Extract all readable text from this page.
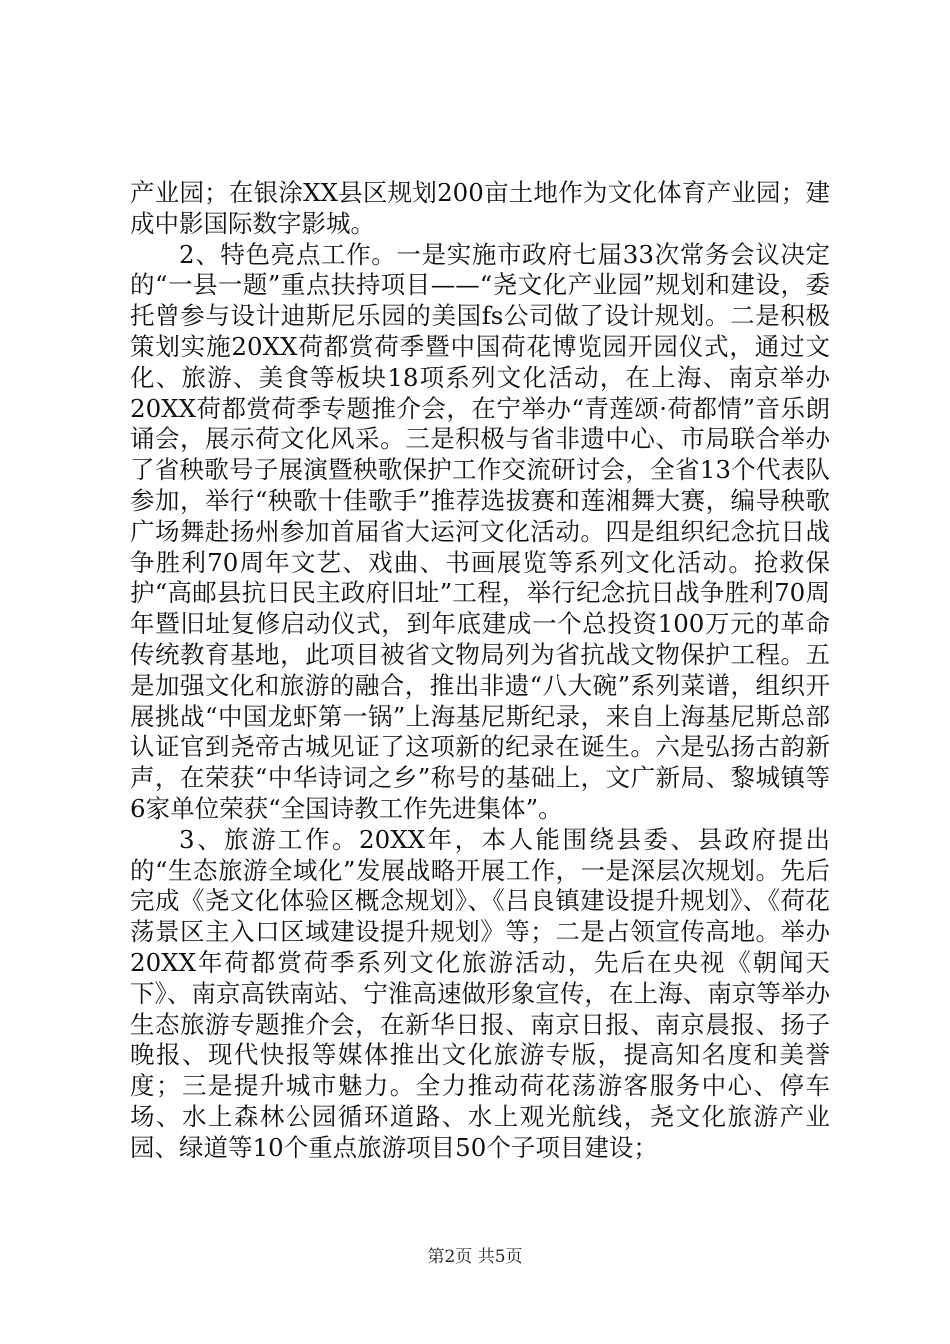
产业园；在银涂XX县区规划200亩土地作为文化体育产业园；建成中影国际数字影城。

2、特色亮点工作。一是实施市政府七届33次常务会议决定的“一县一题”重点扶持项目——“尧文化产业园”规划和建设，委托曾参与设计迪斯尼乐园的美国fs公司做了设计规划。二是积极策划实施20XX荷都赏荷季暨中国荷花博览园开园仪式，通过文化、旅游、美食等板块18项系列文化活动，在上海、南京举办20XX荷都赏荷季专题推介会，在宁举办“青莲颂·荷都情”音乐朗诵会，展示荷文化风采。三是积极与省非遗中心、市局联合举办了省秧歌号子展演暨秧歌保护工作交流研讨会，全省13个代表队参加，举行“秧歌十佳歌手”推荐选拔赛和莲湘舞大赛，编导秧歌广场舞赴扬州参加首届省大运河文化活动。四是组织纪念抗日战争胜利70周年文艺、戏曲、书画展览等系列文化活动。抢救保护“高邮县抗日民主政府旧址”工程，举行纪念抗日战争胜利70周年暨旧址复修启动仪式，到年底建成一个总投资100万元的革命传统教育基地，此项目被省文物局列为省抗战文物保护工程。五是加强文化和旅游的融合，推出非遗“八大碗”系列菜谱，组织开展挑战“中国龙虾第一锅”上海基尼斯纪录，来自上海基尼斯总部认证官到尧帝古城见证了这项新的纪录在诞生。六是弘扬古韵新声，在荣获“中华诗词之乡”称号的基础上，文广新局、黎城镇等6家单位荣获“全国诗教工作先进集体”。

3、旅游工作。20XX年，本人能围绕县委、县政府提出的“生态旅游全域化”发展战略开展工作，一是深层次规划。先后完成《尧文化体验区概念规划》、《吕良镇建设提升规划》、《荷花荡景区主入口区域建设提升规划》等；二是占领宣传高地。举办20XX年荷都赏荷季系列文化旅游活动，先后在央视《朝闻天下》、南京高铁南站、宁淮高速做形象宣传，在上海、南京等举办生态旅游专题推介会，在新华日报、南京日报、南京晨报、扬子晚报、现代快报等媒体推出文化旅游专版，提高知名度和美誉度；三是提升城市魅力。全力推动荷花荡游客服务中心、停车场、水上森林公园循环道路、水上观光航线，尧文化旅游产业园、绿道等10个重点旅游项目50个子项目建设；

第2页 共5页
